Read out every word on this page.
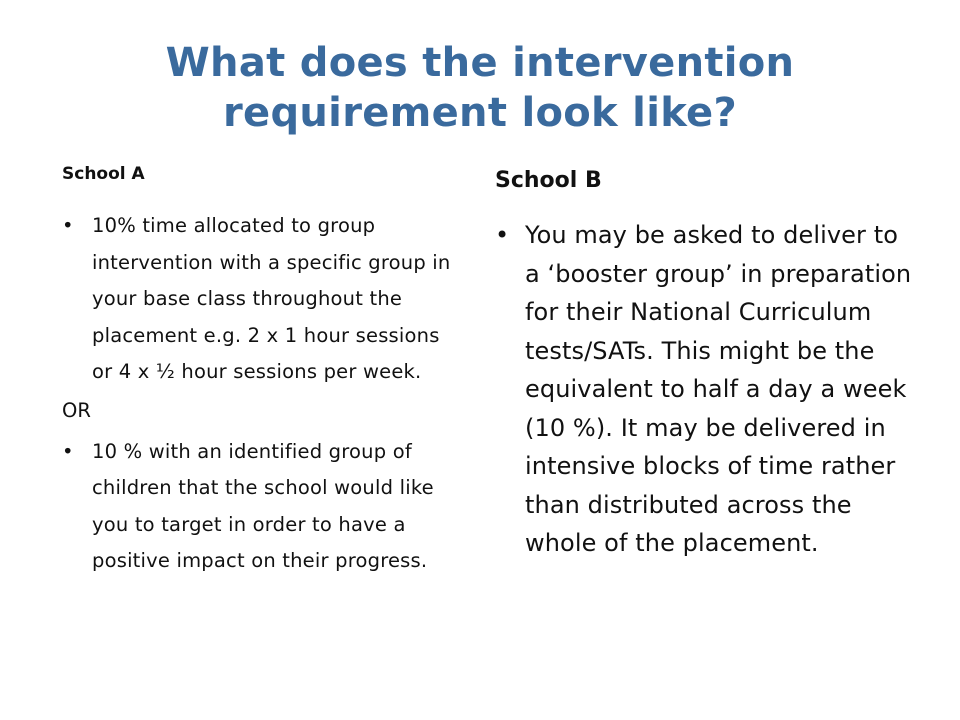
What does the intervention requirement look like?
School A
• 10% time allocated to group intervention with a specific group in your base class throughout the placement e.g. 2 x 1 hour sessions or 4 x ½ hour sessions per week.
OR
• 10 % with an identified group of children that the school would like you to target in order to have a positive impact on their progress.
School B
• You may be asked to deliver to a ‘booster group’ in preparation for their National Curriculum tests/SATs. This might be the equivalent to half a day a week (10 %). It may be delivered in intensive blocks of time rather than distributed across the whole of the placement.
